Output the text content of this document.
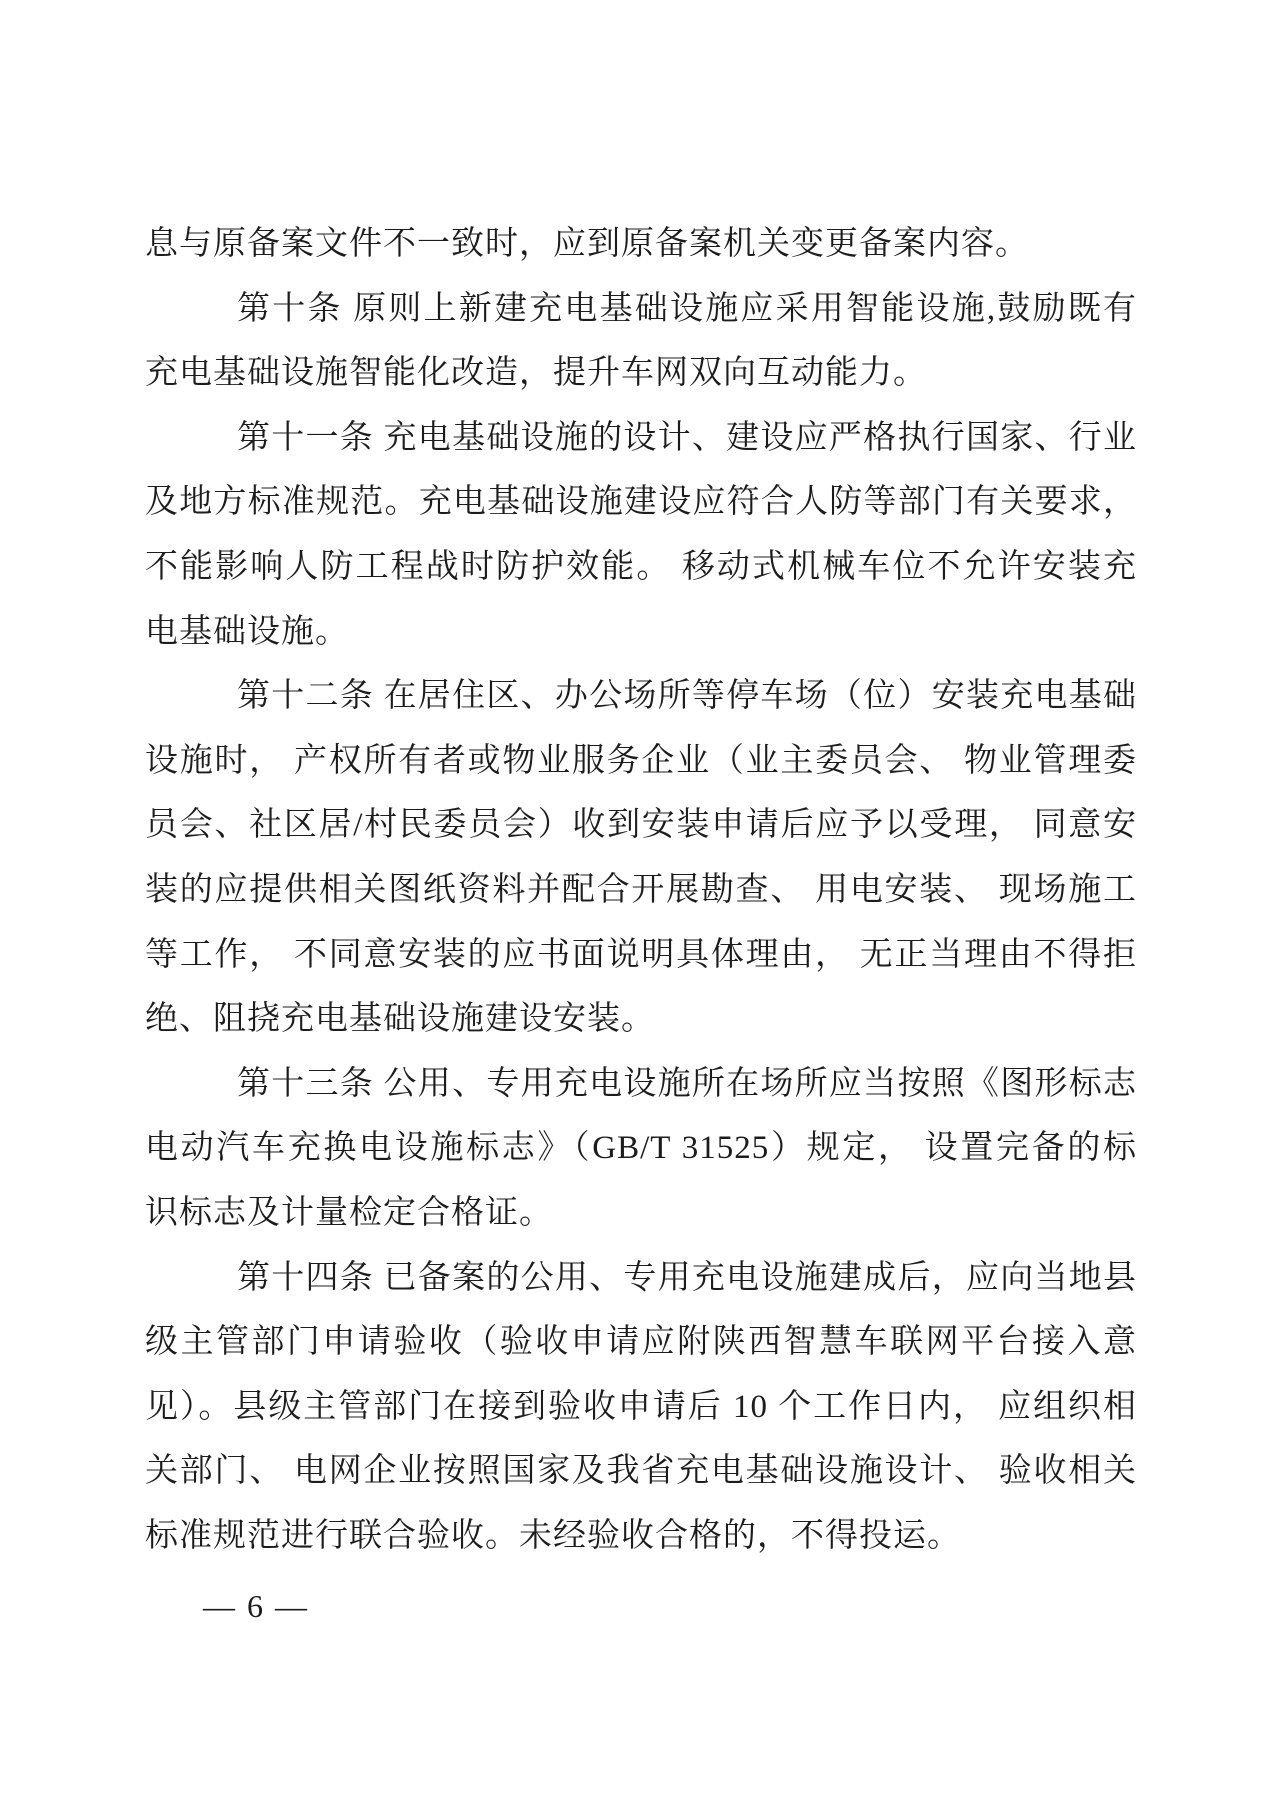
息与原备案文件不一致时，应到原备案机关变更备案内容。
第十条 原则上新建充电基础设施应采用智能设施,鼓励既有
充电基础设施智能化改造，提升车网双向互动能力。
第十一条 充电基础设施的设计、建设应严格执行国家、行业
及地方标准规范。充电基础设施建设应符合人防等部门有关要求，
不能影响人防工程战时防护效能。 移动式机械车位不允许安装充
电基础设施。
第十二条 在居住区、办公场所等停车场（位）安装充电基础
设施时， 产权所有者或物业服务企业（业主委员会、 物业管理委
员会、社区居/村民委员会）收到安装申请后应予以受理， 同意安
装的应提供相关图纸资料并配合开展勘查、 用电安装、 现场施工
等工作， 不同意安装的应书面说明具体理由， 无正当理由不得拒
绝、阻挠充电基础设施建设安装。
第十三条 公用、专用充电设施所在场所应当按照《图形标志
电动汽车充换电设施标志》（GB/T 31525）规定， 设置完备的标
识标志及计量检定合格证。
第十四条 已备案的公用、专用充电设施建成后，应向当地县
级主管部门申请验收（验收申请应附陕西智慧车联网平台接入意
见）。县级主管部门在接到验收申请后 10 个工作日内， 应组织相
关部门、 电网企业按照国家及我省充电基础设施设计、 验收相关
标准规范进行联合验收。未经验收合格的，不得投运。
— 6 —
